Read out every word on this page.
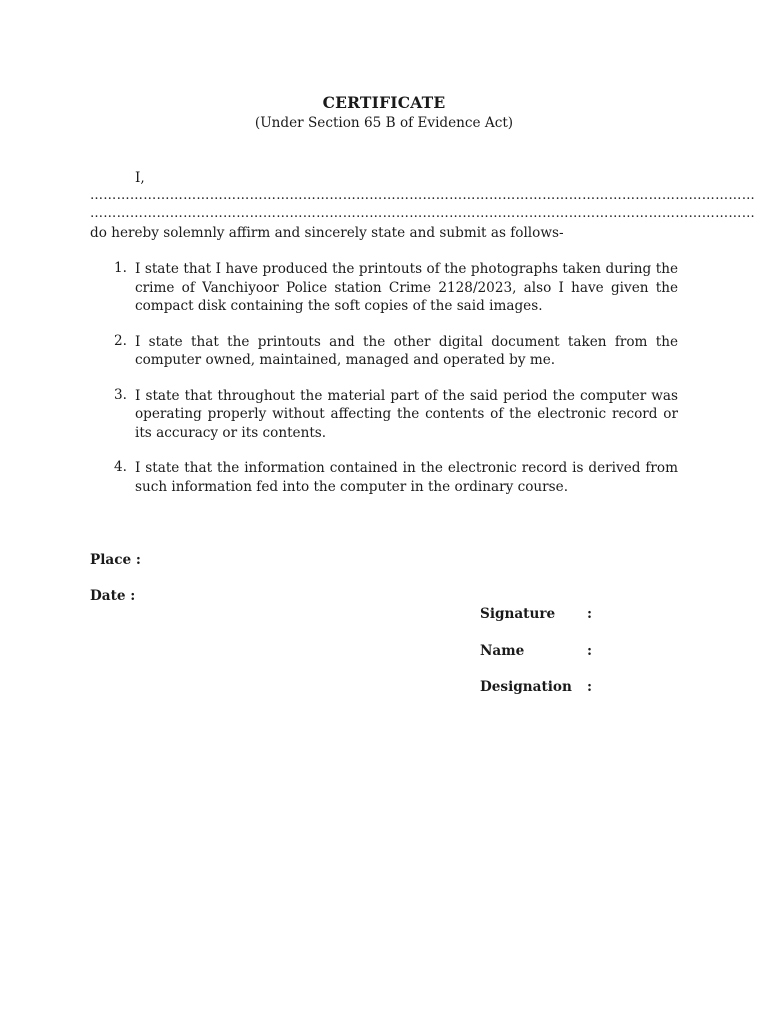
CERTIFICATE
(Under Section 65 B of Evidence Act)
I,
……………………………………………………………………………………………………………………………………
……………………………………………………………………………………………………………………………………
do hereby solemnly affirm and sincerely state and submit as follows-
1. I state that I have produced the printouts of the photographs taken during the crime of Vanchiyoor Police station Crime 2128/2023, also I have given the compact disk containing the soft copies of the said images.
2. I state that the printouts and the other digital document taken from the computer owned, maintained, managed and operated by me.
3. I state that throughout the material part of the said period the computer was operating properly without affecting the contents of the electronic record or its accuracy or its contents.
4. I state that the information contained in the electronic record is derived from such information fed into the computer in the ordinary course.
Place :
Date :
Signature :
Name	:
Designation :
